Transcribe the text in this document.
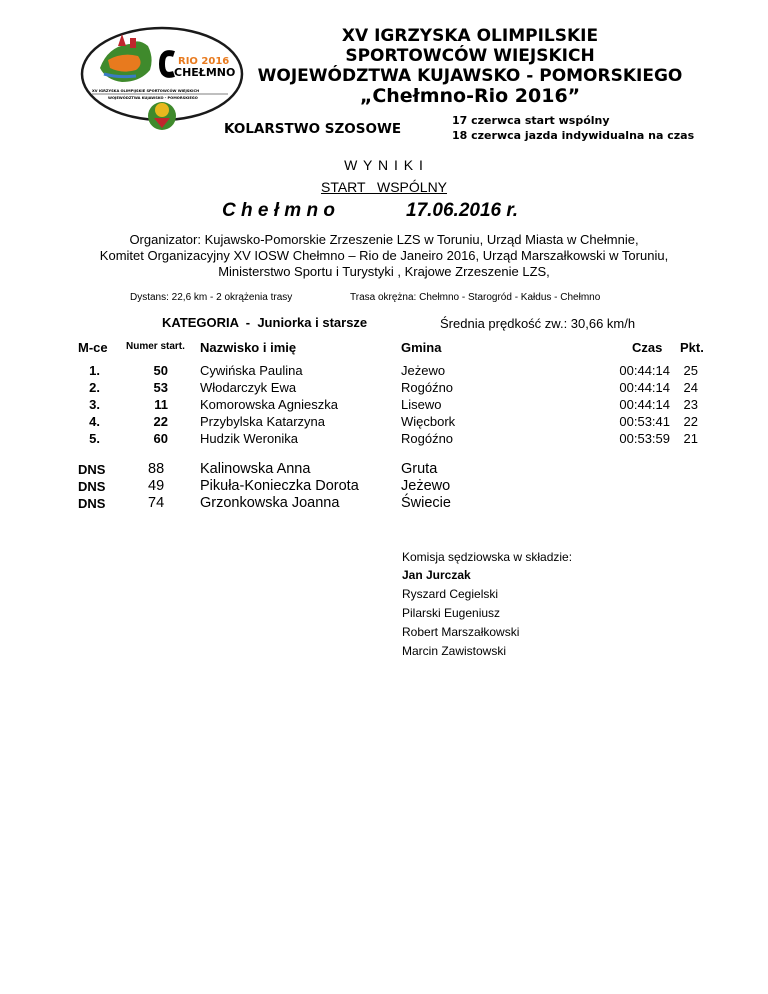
RIO 2016
CHEŁMNO
XV IGRZYSKA OLIMPIJSKIE SPORTOWCÓW WIEJSKICH
WOJEWÓDZTWA KUJAWSKO - POMORSKIEGO
XV IGRZYSKA OLIMPILSKIE
SPORTOWCÓW WIEJSKICH
WOJEWÓDZTWA KUJAWSKO - POMORSKIEGO
„Chełmno-Rio 2016”
KOLARSTWO SZOSOWE
17 czerwca start wspólny
18 czerwca jazda indywidualna na czas
W Y N I K I
START   WSPÓLNY
C h e ł m n o	17.06.2016 r.
Organizator: Kujawsko-Pomorskie Zrzeszenie LZS w Toruniu, Urząd Miasta w Chełmnie,
Komitet Organizacyjny XV IOSW Chełmno – Rio de Janeiro 2016, Urząd Marszałkowski w Toruniu,
Ministerstwo Sportu i Turystyki , Krajowe Zrzeszenie LZS,
Dystans: 22,6 km - 2 okrążenia trasy	Trasa okrężna: Chełmno - Starogród - Kałdus - Chełmno
KATEGORIA  -  Juniorka i starsze	Średnia prędkość zw.: 30,66 km/h
M-ce Numer start. Nazwisko i imię	Gmina	Czas Pkt.
1.	50 Cywińska Paulina	Jeżewo	00:44:14 25
2.	53 Włodarczyk Ewa	Rogóźno	00:44:14 24
3.	11 Komorowska Agnieszka	Lisewo	00:44:14 23
4.	22 Przybylska Katarzyna	Więcbork	00:53:41 22
5.	60 Hudzik Weronika	Rogóźno	00:53:59 21
DNS	88 Kalinowska Anna	Gruta
DNS	49 Pikuła-Konieczka Dorota	Jeżewo
DNS	74 Grzonkowska Joanna	Świecie
Komisja sędziowska w składzie:
Jan Jurczak
Ryszard Cegielski
Pilarski Eugeniusz
Robert Marszałkowski
Marcin Zawistowski
